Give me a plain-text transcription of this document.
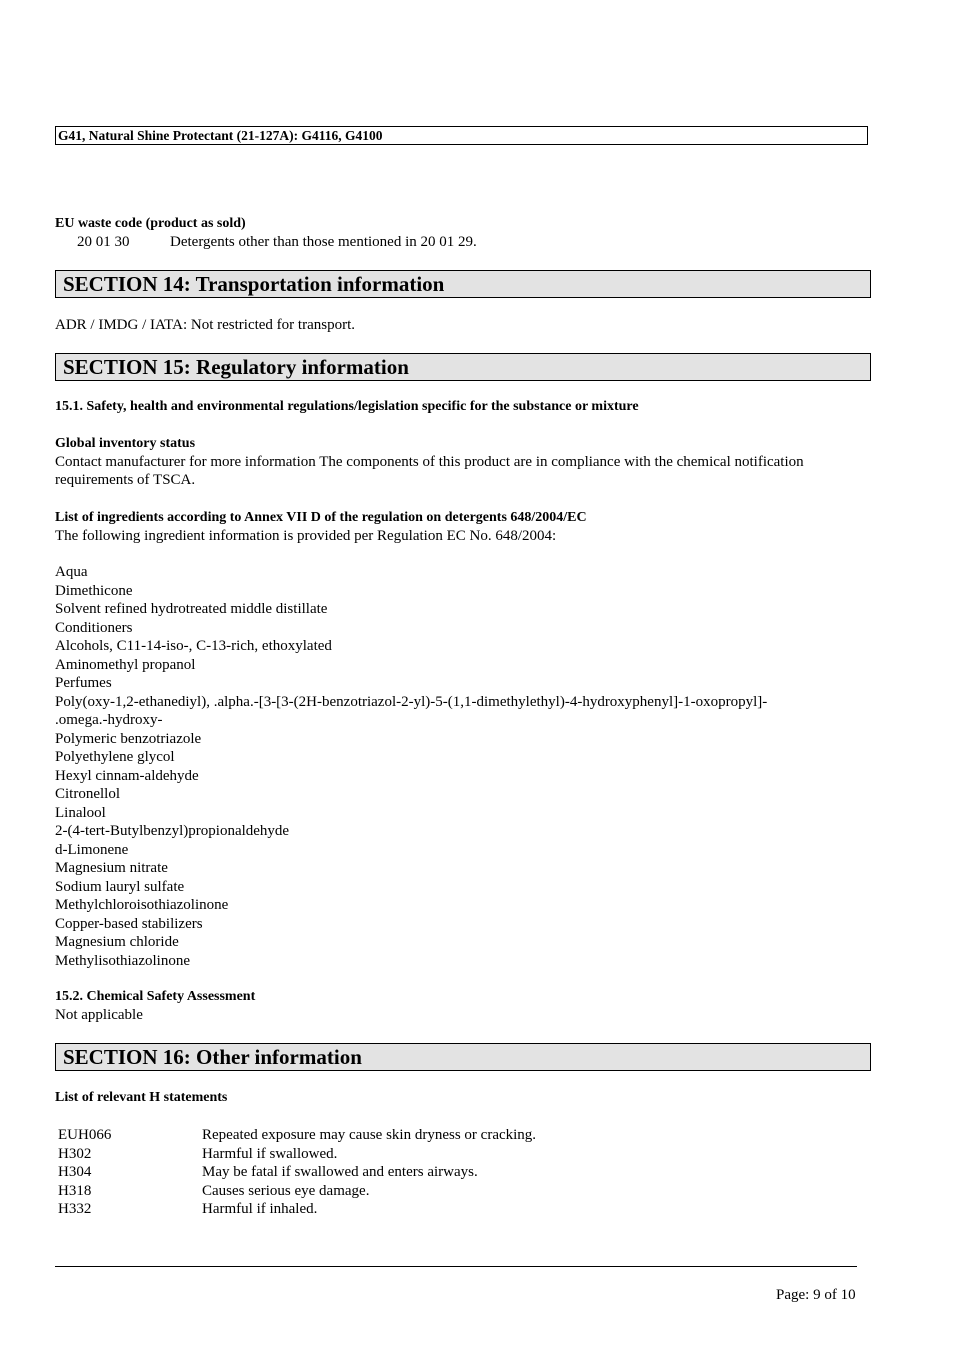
G41, Natural Shine Protectant (21-127A): G4116, G4100
EU waste code (product as sold)
20 01 30	Detergents other than those mentioned in 20 01 29.
SECTION 14: Transportation information
ADR / IMDG / IATA: Not restricted for transport.
SECTION 15: Regulatory information
15.1. Safety, health and environmental regulations/legislation specific for the substance or mixture
Global inventory status
Contact manufacturer for more information The components of this product are in compliance with the chemical notification
requirements of TSCA.
List of ingredients according to Annex VII D of the regulation on detergents 648/2004/EC
The following ingredient information is provided per Regulation EC No. 648/2004:
Aqua
Dimethicone
Solvent refined hydrotreated middle distillate
Conditioners
Alcohols, C11-14-iso-, C-13-rich, ethoxylated
Aminomethyl propanol
Perfumes
Poly(oxy-1,2-ethanediyl), .alpha.-[3-[3-(2H-benzotriazol-2-yl)-5-(1,1-dimethylethyl)-4-hydroxyphenyl]-1-oxopropyl]-
.omega.-hydroxy-
Polymeric benzotriazole
Polyethylene glycol
Hexyl cinnam-aldehyde
Citronellol
Linalool
2-(4-tert-Butylbenzyl)propionaldehyde
d-Limonene
Magnesium nitrate
Sodium lauryl sulfate
Methylchloroisothiazolinone
Copper-based stabilizers
Magnesium chloride
Methylisothiazolinone
15.2. Chemical Safety Assessment
Not applicable
SECTION 16: Other information
List of relevant H statements
EUH066	Repeated exposure may cause skin dryness or cracking.
H302	Harmful if swallowed.
H304	May be fatal if swallowed and enters airways.
H318	Causes serious eye damage.
H332	Harmful if inhaled.
Page: 9 of 10
